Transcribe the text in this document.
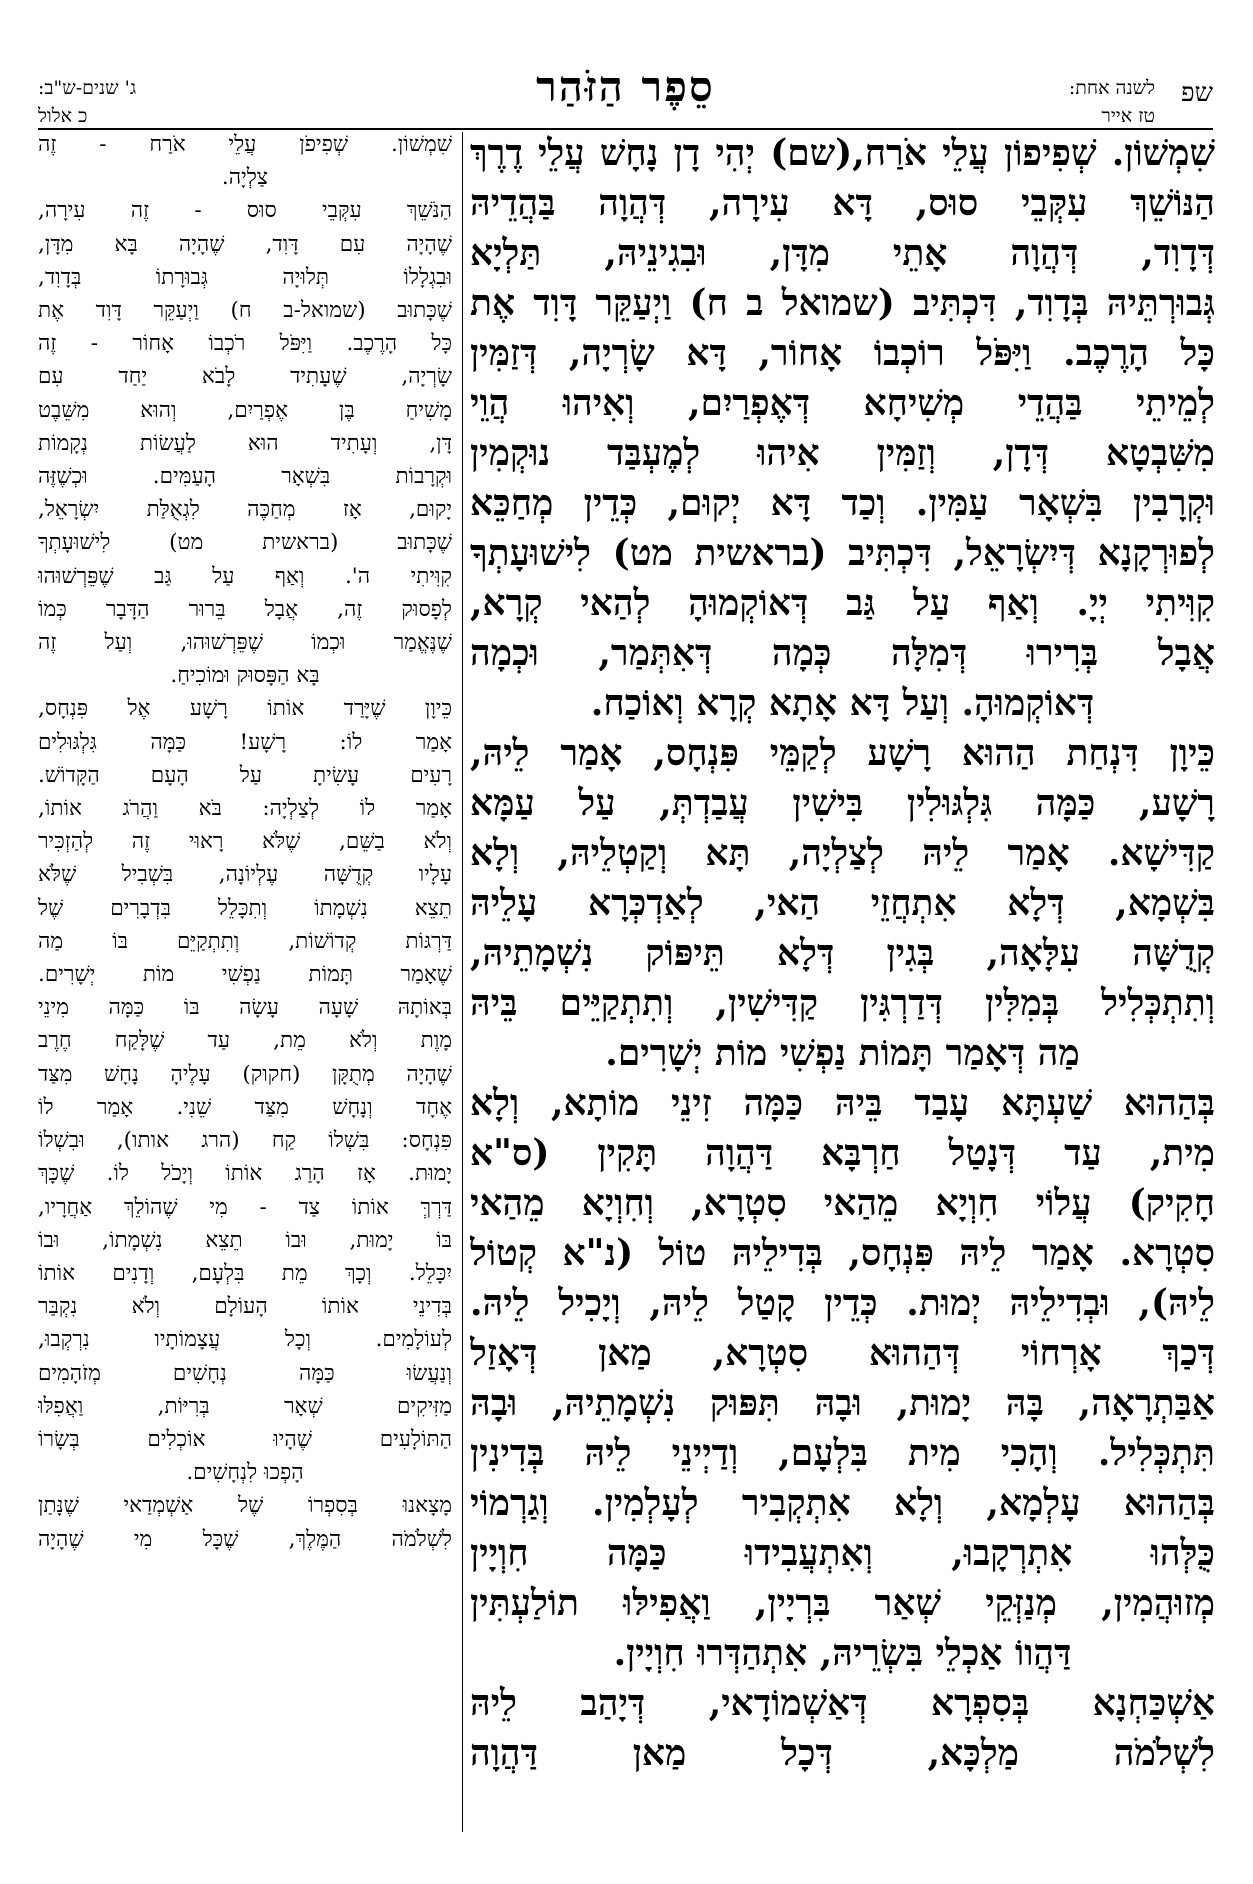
שפ
לשנה אחת:
טז אייר
סֵפֶר הַזֹּהַר
ג' שנים-ש"ב:
כ אלול
שִׁמְשׁוֹן. שְׁפִיפוֹן עֲלֵי אֹרַח,(שם) יְהִי דָן נָחָשׁ עֲלֵי דֶרֶךְ
הַנּוֹשֵׁךְ עִקְּבֵי סוּס, דָּא עִירָה, דְּהֲוָה בַּהֲדֵיהּ
דְּדָוִד, דְּהֲוָה אָתֵי מִדָּן, וּבִגִינֵיהּ, תַּלְיָא
גְּבוּרְתֵּיהּ בְּדָוִד, דִּכְתִּיב (שמואל ב ח) וַיְעַקֵּר דָּוִד אֶת
כָּל הָרֶכֶב. וַיִּפֹּל רוֹכְבוֹ אָחוֹר, דָּא שָׂרְיָה, דְּזַמִּין
לְמֵיתֵי בַּהֲדֵי מְשִׁיחָא דְּאֶפְרַיִם, וְאִיהוּ הֲוֵי
מִשִּׁבְטָא דְּדָן, וְזַמִּין אִיהוּ לְמֶעְבַּד נוּקְמִין
וּקְרָבִין בִּשְׁאָר עַמִּין. וְכַד דָּא יְקוּם, כְּדֵין מְחַכֵּא
לְפוּרְקָנָא דְּיִשְׂרָאֵל, דִּכְתִּיב (בראשית מט) לִישׁוּעָתְךָ
קִוִּיתִי יְיָ. וְאַף עַל גַּב דְּאוֹקְמוּהָ לְהַאי קְרָא,
אֲבָל בְּרִירוּ דְּמִלָּה כְּמָה דְּאִתְּמַר, וּכְמָה
דְּאוֹקְמוּהָ. וְעַל דָּא אָתָא קְרָא וְאוֹכַח.
כֵּיוָן דִּנְחַת הַהוּא רָשָׁע לְקַמֵּי פִּנְחָס, אָמַר לֵיהּ,
רָשָׁע, כַּמָּה גִּלְגּוּלִין בִּישִׁין עֲבַדְתְּ, עַל עַמָּא
קַדִּישָׁא. אָמַר לֵיהּ לְצַלְיָה, תָּא וְקַטְלֵיהּ, וְלָא
בִּשְׁמָא, דְּלָא אִתְחֲזֵי הַאי, לְאַדְכְּרָא עָלֵיהּ
קְדֻשָּׁה עִלָּאָה, בְּגִין דְּלָא תֵּיפּוֹק נִשְׁמָתֵיהּ,
וְתִתְכְּלִיל בְּמִלִּין דְּדַרְגִּין קַדִּישִׁין, וְתִתְקַיֵּים בֵּיהּ
מַה דְּאָמַר תָּמוֹת נַפְשִׁי מוֹת יְשָׁרִים.
בְּהַהוּא שַׁעְתָּא עָבַד בֵּיהּ כַּמָּה זִינֵי מוֹתָא, וְלָא
מִית, עַד דְּנָטַל חַרְבָּא דַּהֲוָה תָּקִין (ס"א
חָקִיק) עֲלוֹי חִוְיָא מֵהַאי סִטְרָא, וְחִוְיָא מֵהַאי
סִטְרָא. אָמַר לֵיהּ פִּנְחָס, בְּדִילֵיהּ טוֹל (נ"א קְטוֹל
לֵיהּ), וּבְדִילֵיהּ יְמוּת. כְּדֵין קָטַל לֵיהּ, וְיָכִיל לֵיהּ.
דְּכַךְ אָרְחוֹי דְּהַהוּא סִטְרָא, מַאן דְּאָזַל
אַבַּתְרָאָה, בָּהּ יָמוּת, וּבָהּ תִּפּוּק נִשְׁמָתֵיהּ, וּבָהּ
תִּתְכְּלִיל. וְהָכִי מִית בִּלְעָם, וְדַיְינֵי לֵיהּ בְּדִינִין
בְּהַהוּא עָלְמָא, וְלָא אִתְקְבִיר לְעָלְמִין. וְגַרְמוֹי
כֻּלְּהוּ אִתְרְקָבוּ, וְאִתְעֲבִידוּ כַּמָּה חִוְיָין
מְזוּהֲמִין, מְנַזְּקֵי שְׁאַר בִּרְיָין, וַאֲפִילּוּ תוֹלַעְתִּין
דַּהֲווֹ אַכְלֵי בִּשְׂרֵיהּ, אִתְהַדְּרוּ חִוְיָין.
אַשְׁכַּחְנָא בְּסִפְרָא דְּאַשְׁמוֹדָאי, דְּיָהַב לֵיהּ
לִשְׁלֹמֹה מַלְכָּא, דְּכָל מַאן דַּהֲוָה
שִׁמְשׁוֹן. שְׁפִיפֹן עֲלֵי אֹרַח - זֶה
צַלְיָה.
הַנֹּשֵׁךְ עִקְּבֵי סוּס - זֶה עִירָה,
שֶׁהָיָה עִם דָּוִד, שֶׁהָיָה בָּא מִדָּן,
וּבִגְלָלוֹ תְּלוּיָה גְּבוּרָתוֹ בְּדָוִד,
שֶׁכָּתוּב (שמואל-ב ח) וַיְעַקֵּר דָּוִד אֶת
כָּל הָרֶכֶב. וַיִּפֹּל רֹכְבוֹ אָחוֹר - זֶה
שָׂרְיָה, שֶׁעָתִיד לָבֹא יַחַד עִם
מָשִׁיחַ בֶּן אֶפְרַיִם, וְהוּא מִשֵּׁבֶט
דָּן, וְעָתִיד הוּא לַעֲשׂוֹת נְקָמוֹת
וּקְרָבוֹת בִּשְׁאָר הָעַמִּים. וּכְשֶׁזֶּה
יָקוּם, אָז מְחַכֶּה לִגְאֻלַּת יִשְׂרָאֵל,
שֶׁכָּתוּב (בראשית מט) לִישׁוּעָתְךָ
קִוִּיתִי ה'. וְאַף עַל גַּב שֶׁפֵּרְשׁוּהוּ
לְפָסוּק זֶה, אֲבָל בֵּרוּר הַדָּבָר כְּמוֹ
שֶׁנֶּאֱמַר וּכְמוֹ שֶׁפֵּרְשׁוּהוּ, וְעַל זֶה
בָּא הַפָּסוּק וּמוֹכִיחַ.
כֵּיוָן שֶׁיָּרַד אוֹתוֹ רָשָׁע אֶל פִּנְחָס,
אָמַר לוֹ: רָשָׁע! כַּמָּה גִּלְגּוּלִים
רָעִים עָשִׂיתָ עַל הָעָם הַקָּדוֹשׁ.
אָמַר לוֹ לְצַלְיָה: בֹּא וַהֲרֹג אוֹתוֹ,
וְלֹא בַשֵּׁם, שֶׁלֹּא רָאוּי זֶה לְהַזְכִּיר
עָלָיו קְדֻשָּׁה עֶלְיוֹנָה, בִּשְׁבִיל שֶׁלֹּא
תֵצֵא נִשְׁמָתוֹ וְתִכָּלֵל בִּדְבָרִים שֶׁל
דַּרְגּוֹת קְדוֹשׁוֹת, וְתִתְקַיֵּם בּוֹ מַה
שֶׁאָמַר תָּמוֹת נַפְשִׁי מוֹת יְשָׁרִים.
בְּאוֹתָהּ שָׁעָה עָשָׂה בּוֹ כַּמָּה מִינֵי
מָוֶת וְלֹא מֵת, עַד שֶׁלָּקַח חֶרֶב
שֶׁהָיָה מְתֻקָּן (חקוק) עָלֶיהָ נָחָשׁ מִצַּד
אֶחָד וְנָחָשׁ מִצַּד שֵׁנִי. אָמַר לוֹ
פִּנְחָס: בִּשְׁלוֹ קַח (הרג אותו), וּבִשְׁלוֹ
יָמוּת. אָז הָרַג אוֹתוֹ וְיָכֹל לוֹ. שֶׁכָּךְ
דַּרְךְּ אוֹתוֹ צַד - מִי שֶׁהוֹלֵךְ אַחֲרָיו,
בּוֹ יָמוּת, וּבוֹ תֵצֵא נִשְׁמָתוֹ, וּבוֹ
יִכָּלֵל. וְכָךְ מֵת בִּלְעָם, וְדָנִים אוֹתוֹ
בְּדִינֵי אוֹתוֹ הָעוֹלָם וְלֹא נִקְבַּר
לְעוֹלָמִים. וְכָל עֲצָמוֹתָיו נִרְקְבוּ,
וְנַעֲשׂוּ כַּמָּה נְחָשִׁים מְזֹהָמִים
מַזִּיקִים שְׁאָר בְּרִיּוֹת, וַאֲפִלּוּ
הַתּוֹלָעִים שֶׁהָיוּ אוֹכְלִים בְּשָׂרוֹ
הָפְכוּ לִנְחָשִׁים.
מָצָאנוּ בְּסִפְרוֹ שֶׁל אַשְׁמְדַאי שֶׁנָּתַן
לִשְׁלֹמֹה הַמֶּלֶךְ, שֶׁכָּל מִי שֶׁהָיָה
